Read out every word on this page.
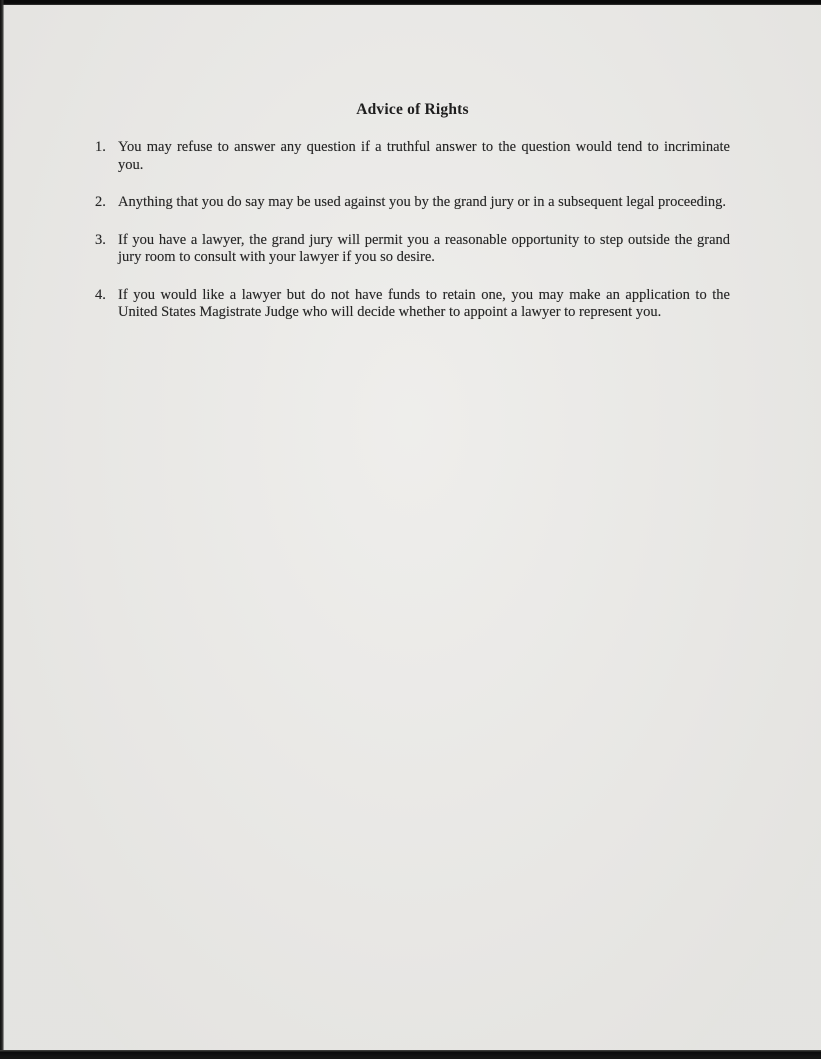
Advice of Rights
1. You may refuse to answer any question if a truthful answer to the question would tend to incriminate you.
2. Anything that you do say may be used against you by the grand jury or in a subsequent legal proceeding.
3. If you have a lawyer, the grand jury will permit you a reasonable opportunity to step outside the grand jury room to consult with your lawyer if you so desire.
4. If you would like a lawyer but do not have funds to retain one, you may make an application to the United States Magistrate Judge who will decide whether to appoint a lawyer to represent you.
